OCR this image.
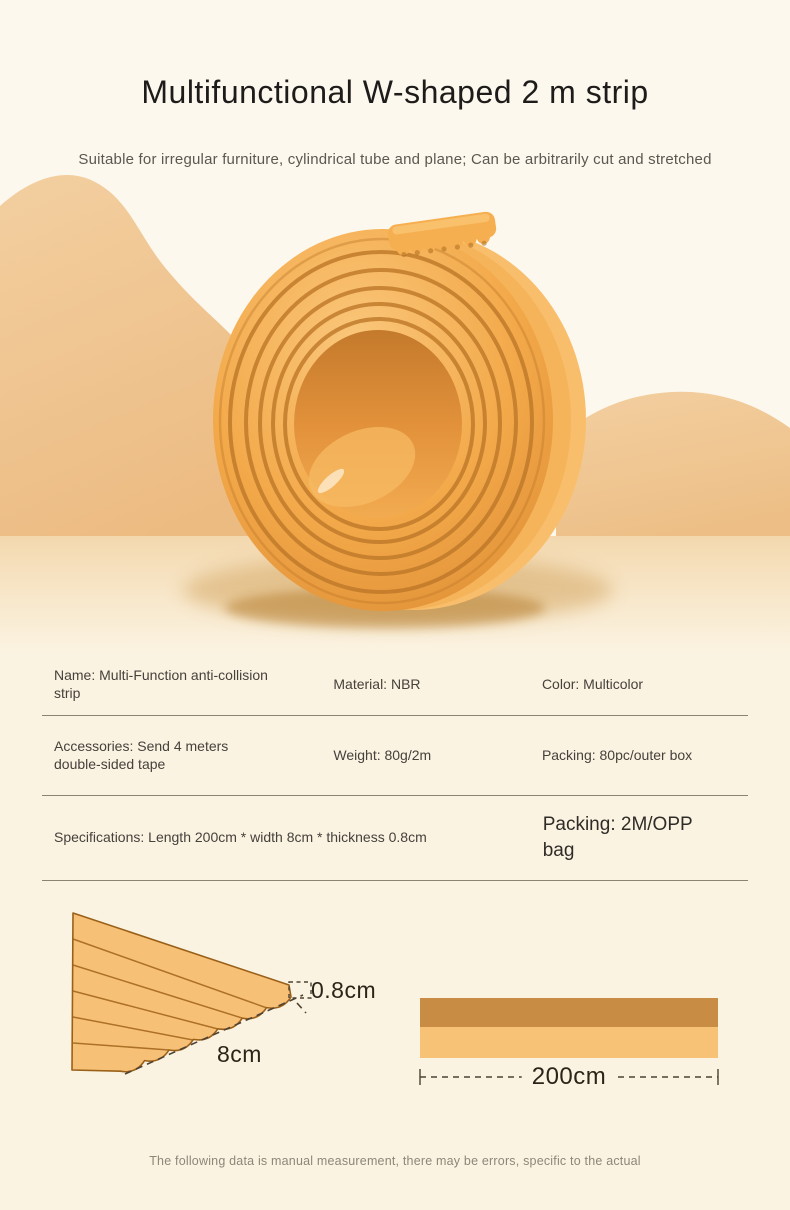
Multifunctional W-shaped 2 m strip
Suitable for irregular furniture, cylindrical tube and plane; Can be arbitrarily cut and stretched
Name: Multi-Function anti-collision strip
Material: NBR	Color: Multicolor
Accessories: Send 4 meters double-sided tape
Weight: 80g/2m	Packing: 80pc/outer box
Specifications: Length 200cm * width 8cm * thickness 0.8cm
Packing: 2M/OPP bag
0.8cm
8cm
200cm
The following data is manual measurement, there may be errors, specific to the actual
